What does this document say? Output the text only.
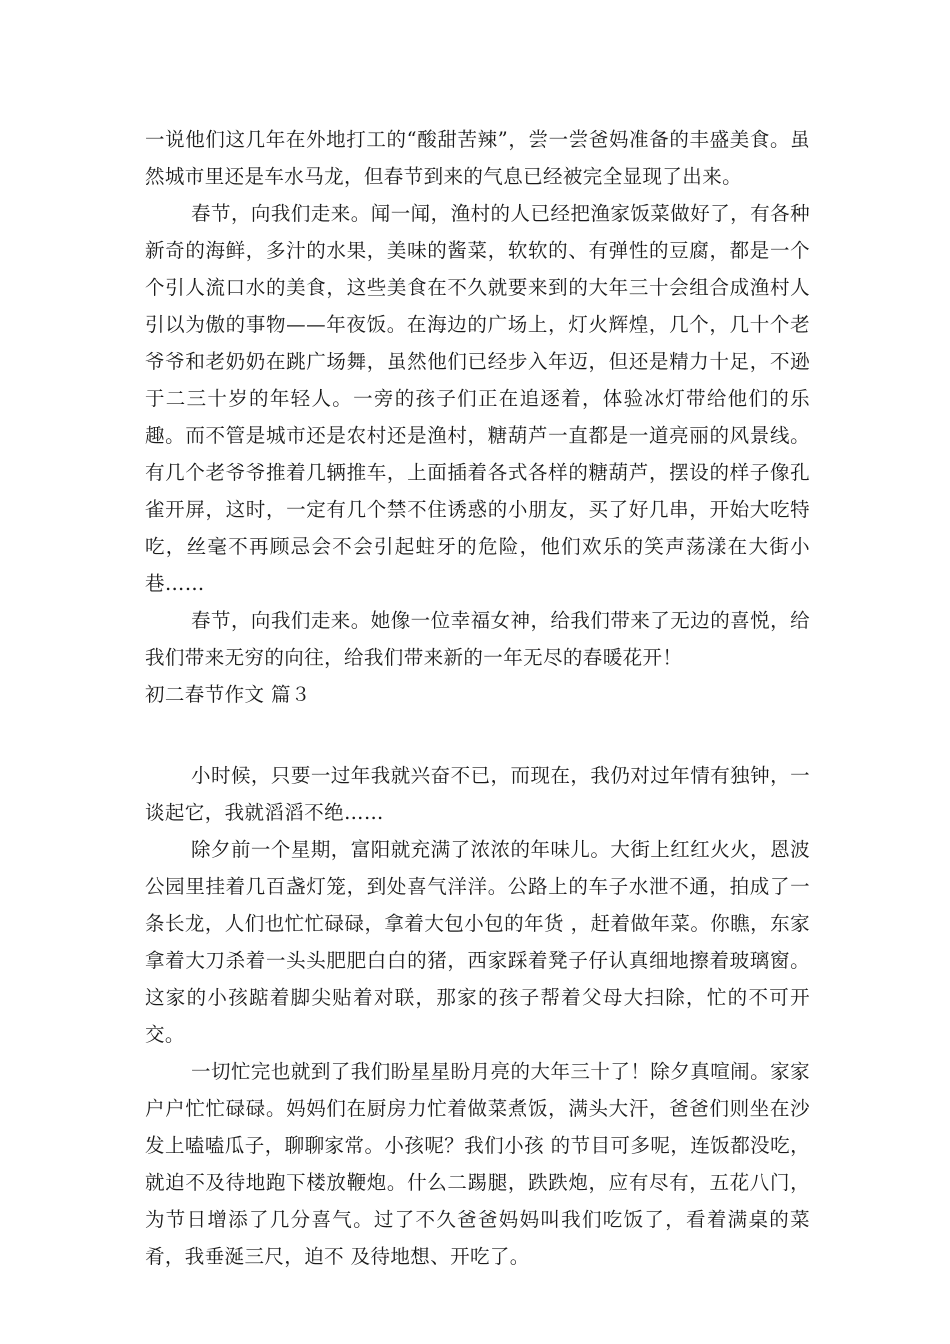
一说他们这几年在外地打工的“酸甜苦辣”，尝一尝爸妈准备的丰盛美食。虽然城市里还是车水马龙，但春节到来的气息已经被完全显现了出来。

春节，向我们走来。闻一闻，渔村的人已经把渔家饭菜做好了，有各种新奇的海鲜，多汁的水果，美味的酱菜，软软的、有弹性的豆腐，都是一个个引人流口水的美食，这些美食在不久就要来到的大年三十会组合成渔村人引以为傲的事物——年夜饭。在海边的广场上，灯火辉煌，几个，几十个老爷爷和老奶奶在跳广场舞，虽然他们已经步入年迈，但还是精力十足，不逊于二三十岁的年轻人。一旁的孩子们正在追逐着，体验冰灯带给他们的乐趣。而不管是城市还是农村还是渔村，糖葫芦一直都是一道亮丽的风景线。有几个老爷爷推着几辆推车，上面插着各式各样的糖葫芦，摆设的样子像孔雀开屏，这时，一定有几个禁不住诱惑的小朋友，买了好几串，开始大吃特吃，丝毫不再顾忌会不会引起蛀牙的危险，他们欢乐的笑声荡漾在大街小巷……

春节，向我们走来。她像一位幸福女神，给我们带来了无边的喜悦，给我们带来无穷的向往，给我们带来新的一年无尽的春暖花开！

初二春节作文 篇３

小时候，只要一过年我就兴奋不已，而现在，我仍对过年情有独钟，一谈起它，我就滔滔不绝……

除夕前一个星期，富阳就充满了浓浓的年味儿。大街上红红火火，恩波公园里挂着几百盏灯笼，到处喜气洋洋。公路上的车子水泄不通，拍成了一条长龙，人们也忙忙碌碌，拿着大包小包的年货 ，赶着做年菜。你瞧，东家拿着大刀杀着一头头肥肥白白的猪，西家踩着凳子仔认真细地擦着玻璃窗。这家的小孩踮着脚尖贴着对联，那家的孩子帮着父母大扫除，忙的不可开交。

一切忙完也就到了我们盼星星盼月亮的大年三十了！除夕真喧闹。家家户户忙忙碌碌。妈妈们在厨房力忙着做菜煮饭，满头大汗，爸爸们则坐在沙发上嗑嗑瓜子，聊聊家常。小孩呢？我们小孩 的节目可多呢，连饭都没吃，就迫不及待地跑下楼放鞭炮。什么二踢腿，跌跌炮，应有尽有，五花八门，为节日增添了几分喜气。过了不久爸爸妈妈叫我们吃饭了，看着满桌的菜肴，我垂涎三尺，迫不 及待地想、开吃了。
